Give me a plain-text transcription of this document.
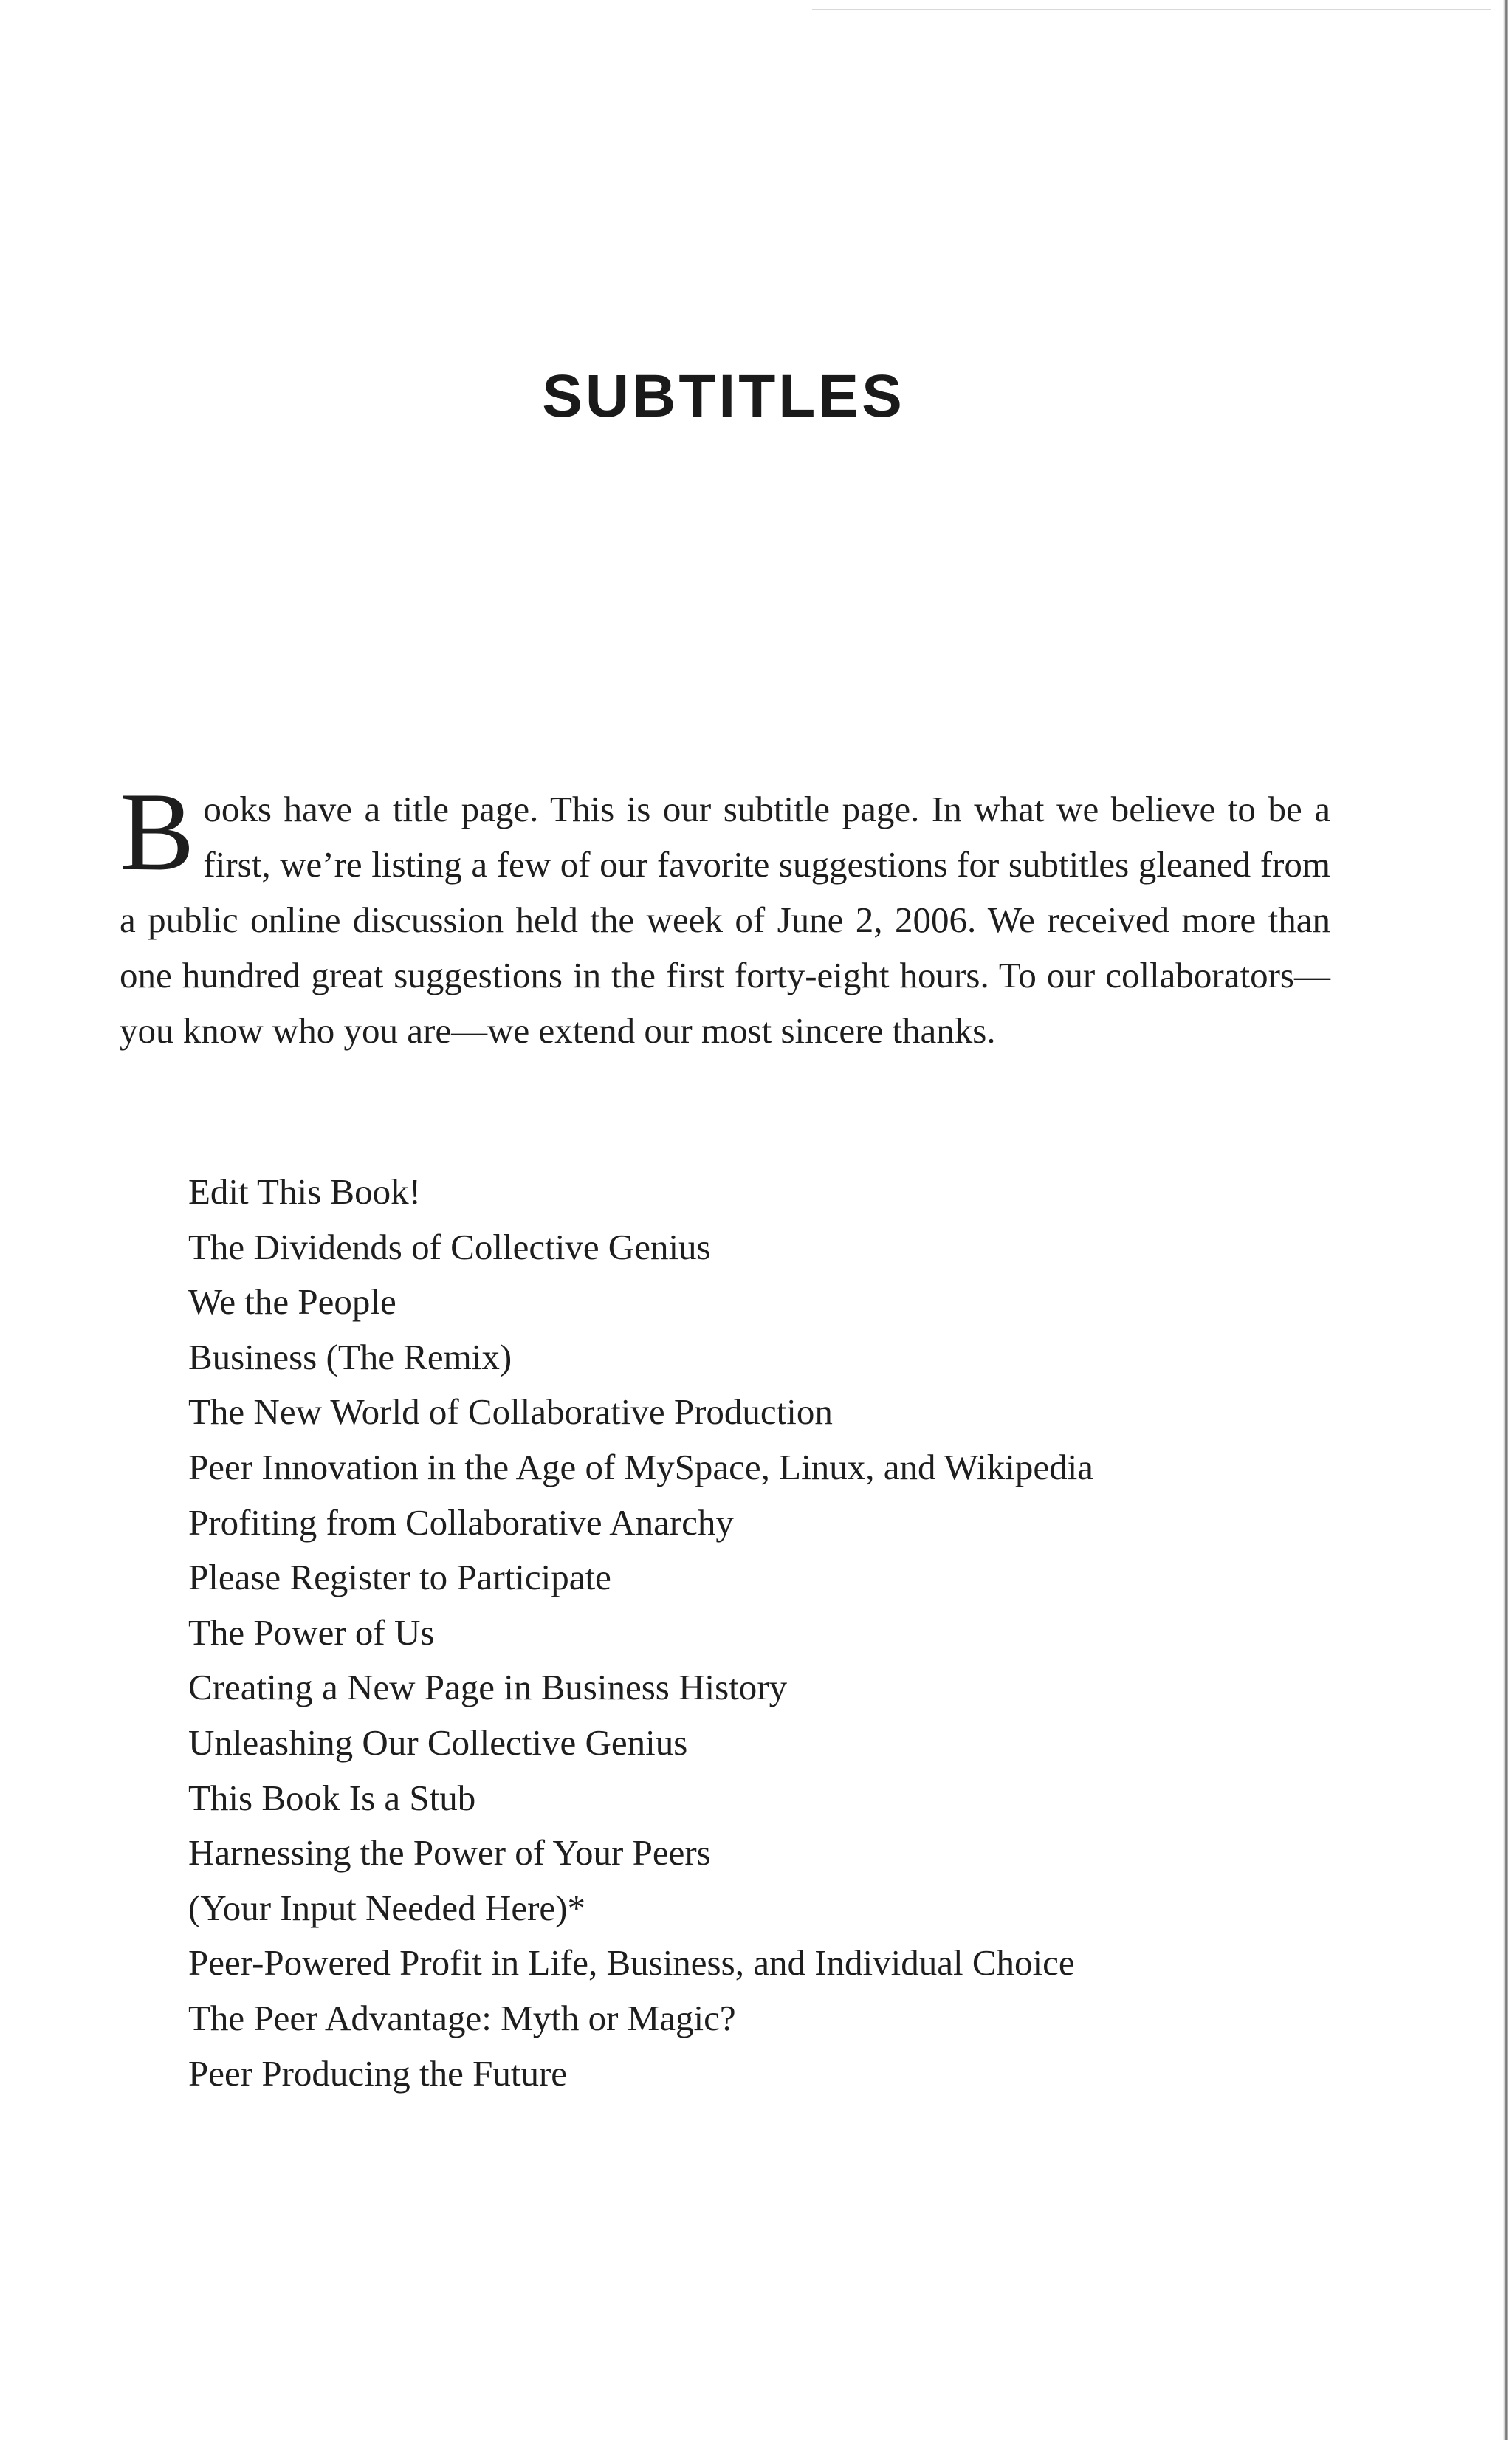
SUBTITLES

Books have a title page. This is our subtitle page. In what we believe to be a first, we’re listing a few of our favorite suggestions for subtitles gleaned from a public online discussion held the week of June 2, 2006. We received more than one hundred great suggestions in the first forty-eight hours. To our collaborators—you know who you are—we extend our most sincere thanks.

Edit This Book!
The Dividends of Collective Genius
We the People
Business (The Remix)
The New World of Collaborative Production
Peer Innovation in the Age of MySpace, Linux, and Wikipedia
Profiting from Collaborative Anarchy
Please Register to Participate
The Power of Us
Creating a New Page in Business History
Unleashing Our Collective Genius
This Book Is a Stub
Harnessing the Power of Your Peers
(Your Input Needed Here)*
Peer-Powered Profit in Life, Business, and Individual Choice
The Peer Advantage: Myth or Magic?
Peer Producing the Future
